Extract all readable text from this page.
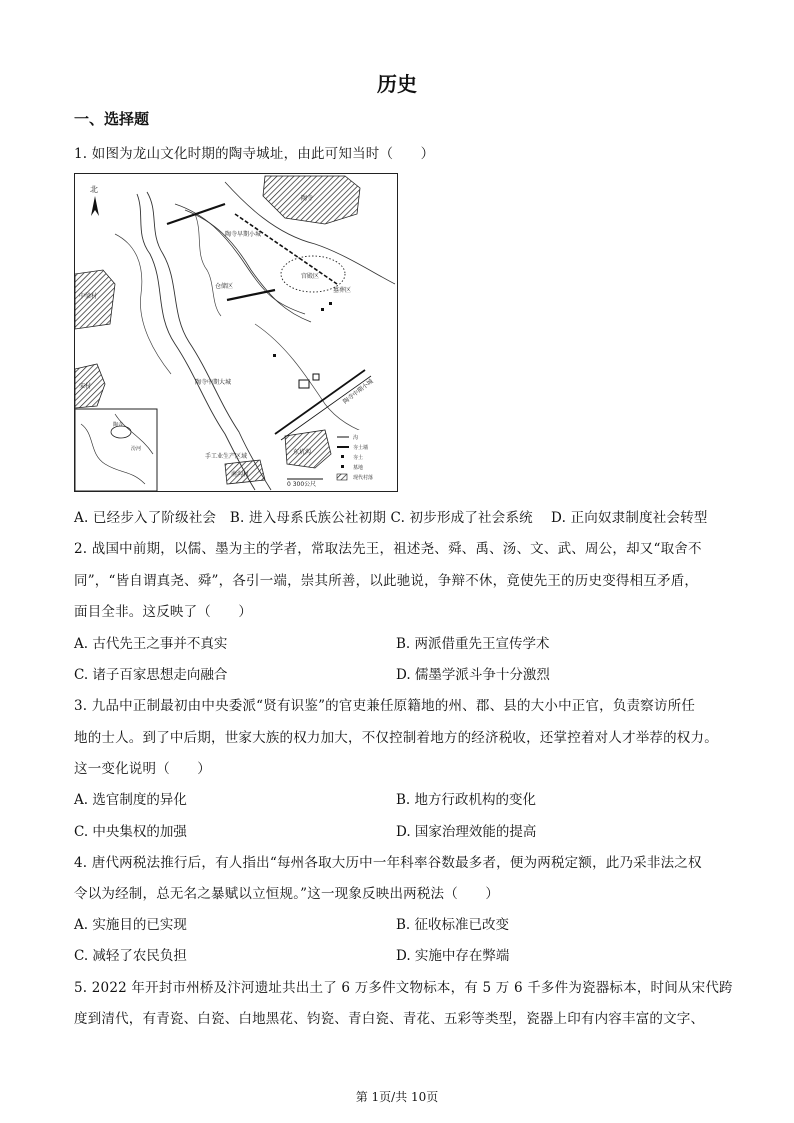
历史
一、选择题
1. 如图为龙山文化时期的陶寺城址，由此可知当时（　　）
北
陶寺
陶寺早期小城
宫殿区
仓储区
墓葬区
陶寺中期大城	陶寺中期小城
中梁村
宋村
手工业生产区域
东坑沟
南沟村
0 300公尺
陶寺
汾河
沟
夯土墙
夯土
墓地
现代村落
A. 已经步入了阶级社会　B. 进入母系氏族公社初期 C. 初步形成了社会系统　 D. 正向奴隶制度社会转型
2. 战国中前期，以儒、墨为主的学者，常取法先王，祖述尧、舜、禹、汤、文、武、周公，却又“取舍不
同”，“皆自谓真尧、舜”，各引一端，崇其所善，以此驰说，争辩不休，竟使先王的历史变得相互矛盾，
面目全非。这反映了（　　）
A. 古代先王之事并不真实	B. 两派借重先王宣传学术
C. 诸子百家思想走向融合	D. 儒墨学派斗争十分激烈
3. 九品中正制最初由中央委派“贤有识鉴”的官吏兼任原籍地的州、郡、县的大小中正官，负责察访所任
地的士人。到了中后期，世家大族的权力加大，不仅控制着地方的经济税收，还掌控着对人才举荐的权力。
这一变化说明（　　）
A. 选官制度的异化	B. 地方行政机构的变化
C. 中央集权的加强	D. 国家治理效能的提高
4. 唐代两税法推行后，有人指出“每州各取大历中一年科率谷数最多者，便为两税定额，此乃采非法之权
令以为经制，总无名之暴赋以立恒规。”这一现象反映出两税法（　　）
A. 实施目的已实现	B. 征收标准已改变
C. 减轻了农民负担	D. 实施中存在弊端
5. 2022 年开封市州桥及汴河遗址共出土了 6 万多件文物标本，有 5 万 6 千多件为瓷器标本，时间从宋代跨
度到清代，有青瓷、白瓷、白地黑花、钧瓷、青白瓷、青花、五彩等类型，瓷器上印有内容丰富的文字、
第 1页/共 10页
